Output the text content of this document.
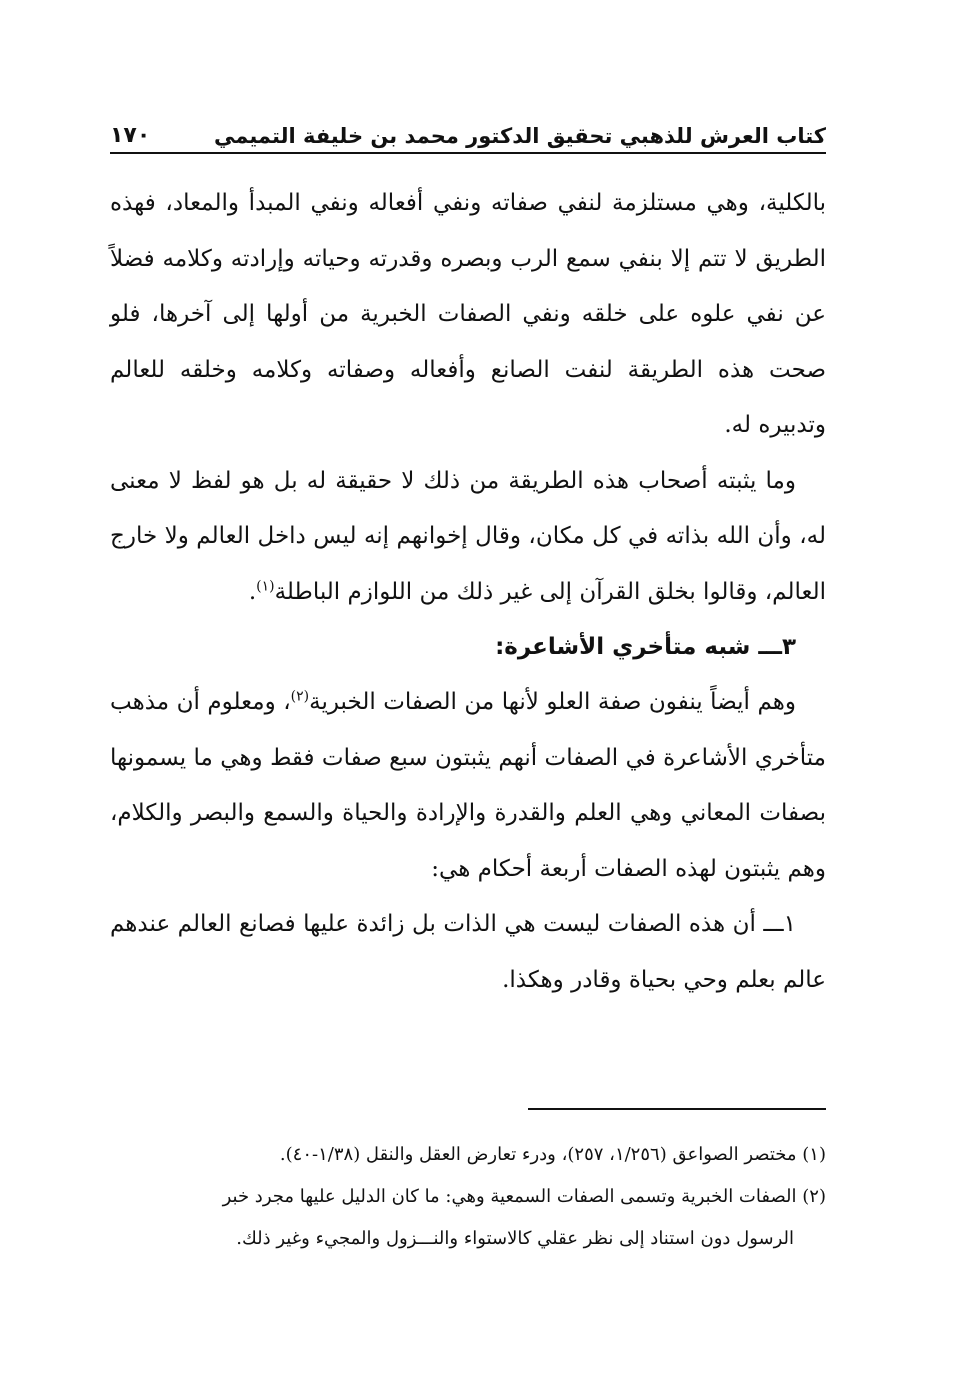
كتاب العرش للذهبي تحقيق الدكتور محمد بن خليفة التميمي
١٧٠

بالكلية، وهي مستلزمة لنفي صفاته ونفي أفعاله ونفي المبدأ والمعاد، فهذه الطريق لا تتم إلا بنفي سمع الرب وبصره وقدرته وحياته وإرادته وكلامه فضلاً عن نفي علوه على خلقه ونفي الصفات الخبرية من أولها إلى آخرها، فلو صحت هذه الطريقة لنفت الصانع وأفعاله وصفاته وكلامه وخلقه للعالم وتدبيره له.

وما يثبته أصحاب هذه الطريقة من ذلك لا حقيقة له بل هو لفظ لا معنى له، وأن الله بذاته في كل مكان، وقال إخوانهم إنه ليس داخل العالم ولا خارج العالم، وقالوا بخلق القرآن إلى غير ذلك من اللوازم الباطلة$^{(١)}$.

٣ـــ شبه متأخري الأشاعرة:

وهم أيضاً ينفون صفة العلو لأنها من الصفات الخبرية$^{(٢)}$، ومعلوم أن مذهب متأخري الأشاعرة في الصفات أنهم يثبتون سبع صفات فقط وهي ما يسمونها بصفات المعاني وهي العلم والقدرة والإرادة والحياة والسمع والبصر والكلام، وهم يثبتون لهذه الصفات أربعة أحكام هي:

١ـــ أن هذه الصفات ليست هي الذات بل زائدة عليها فصانع العالم عندهم عالم بعلم وحي بحياة وقادر وهكذا.

(١) مختصر الصواعق (١/٢٥٦، ٢٥٧)، ودرء تعارض العقل والنقل (١/٣٨-٤٠).

(٢) الصفات الخبرية وتسمى الصفات السمعية وهي: ما كان الدليل عليها مجرد خبر

الرسول دون استناد إلى نظر عقلي كالاستواء والنـــزول والمجيء وغير ذلك.
